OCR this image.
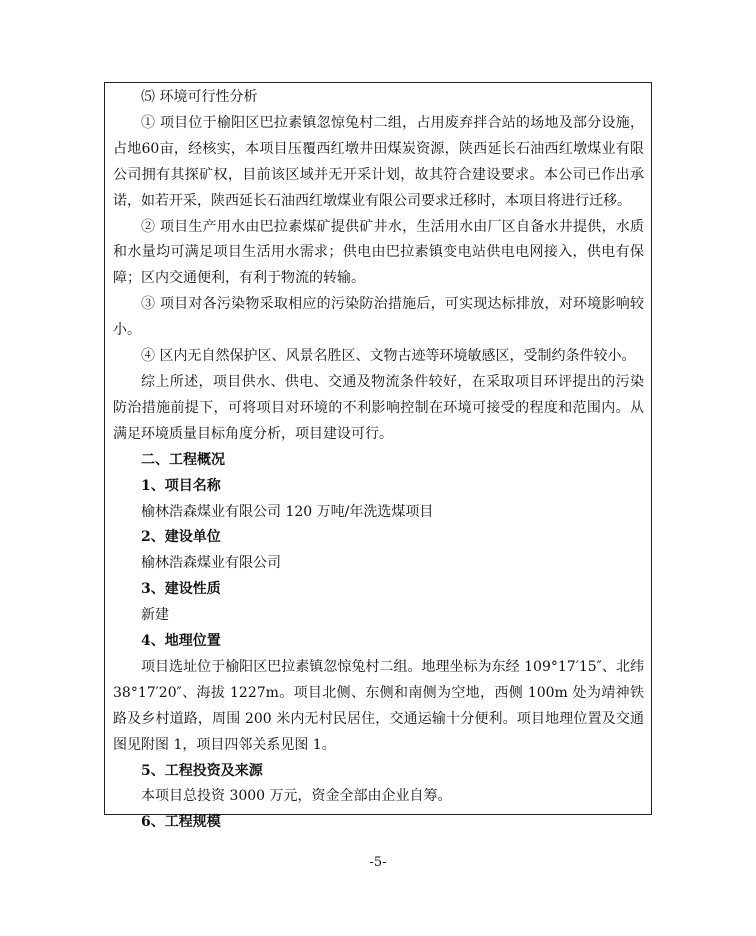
⑸ 环境可行性分析

① 项目位于榆阳区巴拉素镇忽惊兔村二组，占用废弃拌合站的场地及部分设施，占地60亩，经核实，本项目压覆西红墩井田煤炭资源，陕西延长石油西红墩煤业有限公司拥有其探矿权，目前该区域并无开采计划，故其符合建设要求。本公司已作出承诺，如若开采，陕西延长石油西红墩煤业有限公司要求迁移时，本项目将进行迁移。

② 项目生产用水由巴拉素煤矿提供矿井水，生活用水由厂区自备水井提供，水质和水量均可满足项目生活用水需求；供电由巴拉素镇变电站供电电网接入，供电有保障；区内交通便利，有利于物流的转输。

③ 项目对各污染物采取相应的污染防治措施后，可实现达标排放，对环境影响较小。

④ 区内无自然保护区、风景名胜区、文物古迹等环境敏感区，受制约条件较小。

综上所述，项目供水、供电、交通及物流条件较好，在采取项目环评提出的污染防治措施前提下，可将项目对环境的不利影响控制在环境可接受的程度和范围内。从满足环境质量目标角度分析，项目建设可行。

二、工程概况

1、项目名称

榆林浩森煤业有限公司 120 万吨/年洗选煤项目

2、建设单位

榆林浩森煤业有限公司

3、建设性质

新建

4、地理位置

项目选址位于榆阳区巴拉素镇忽惊兔村二组。地理坐标为东经 109°17′15″、北纬 38°17′20″、海拔 1227m。项目北侧、东侧和南侧为空地，西侧 100m 处为靖神铁路及乡村道路，周围 200 米内无村民居住，交通运输十分便利。项目地理位置及交通图见附图 1，项目四邻关系见图 1。

5、工程投资及来源

本项目总投资 3000 万元，资金全部由企业自筹。

6、工程规模

-5-
